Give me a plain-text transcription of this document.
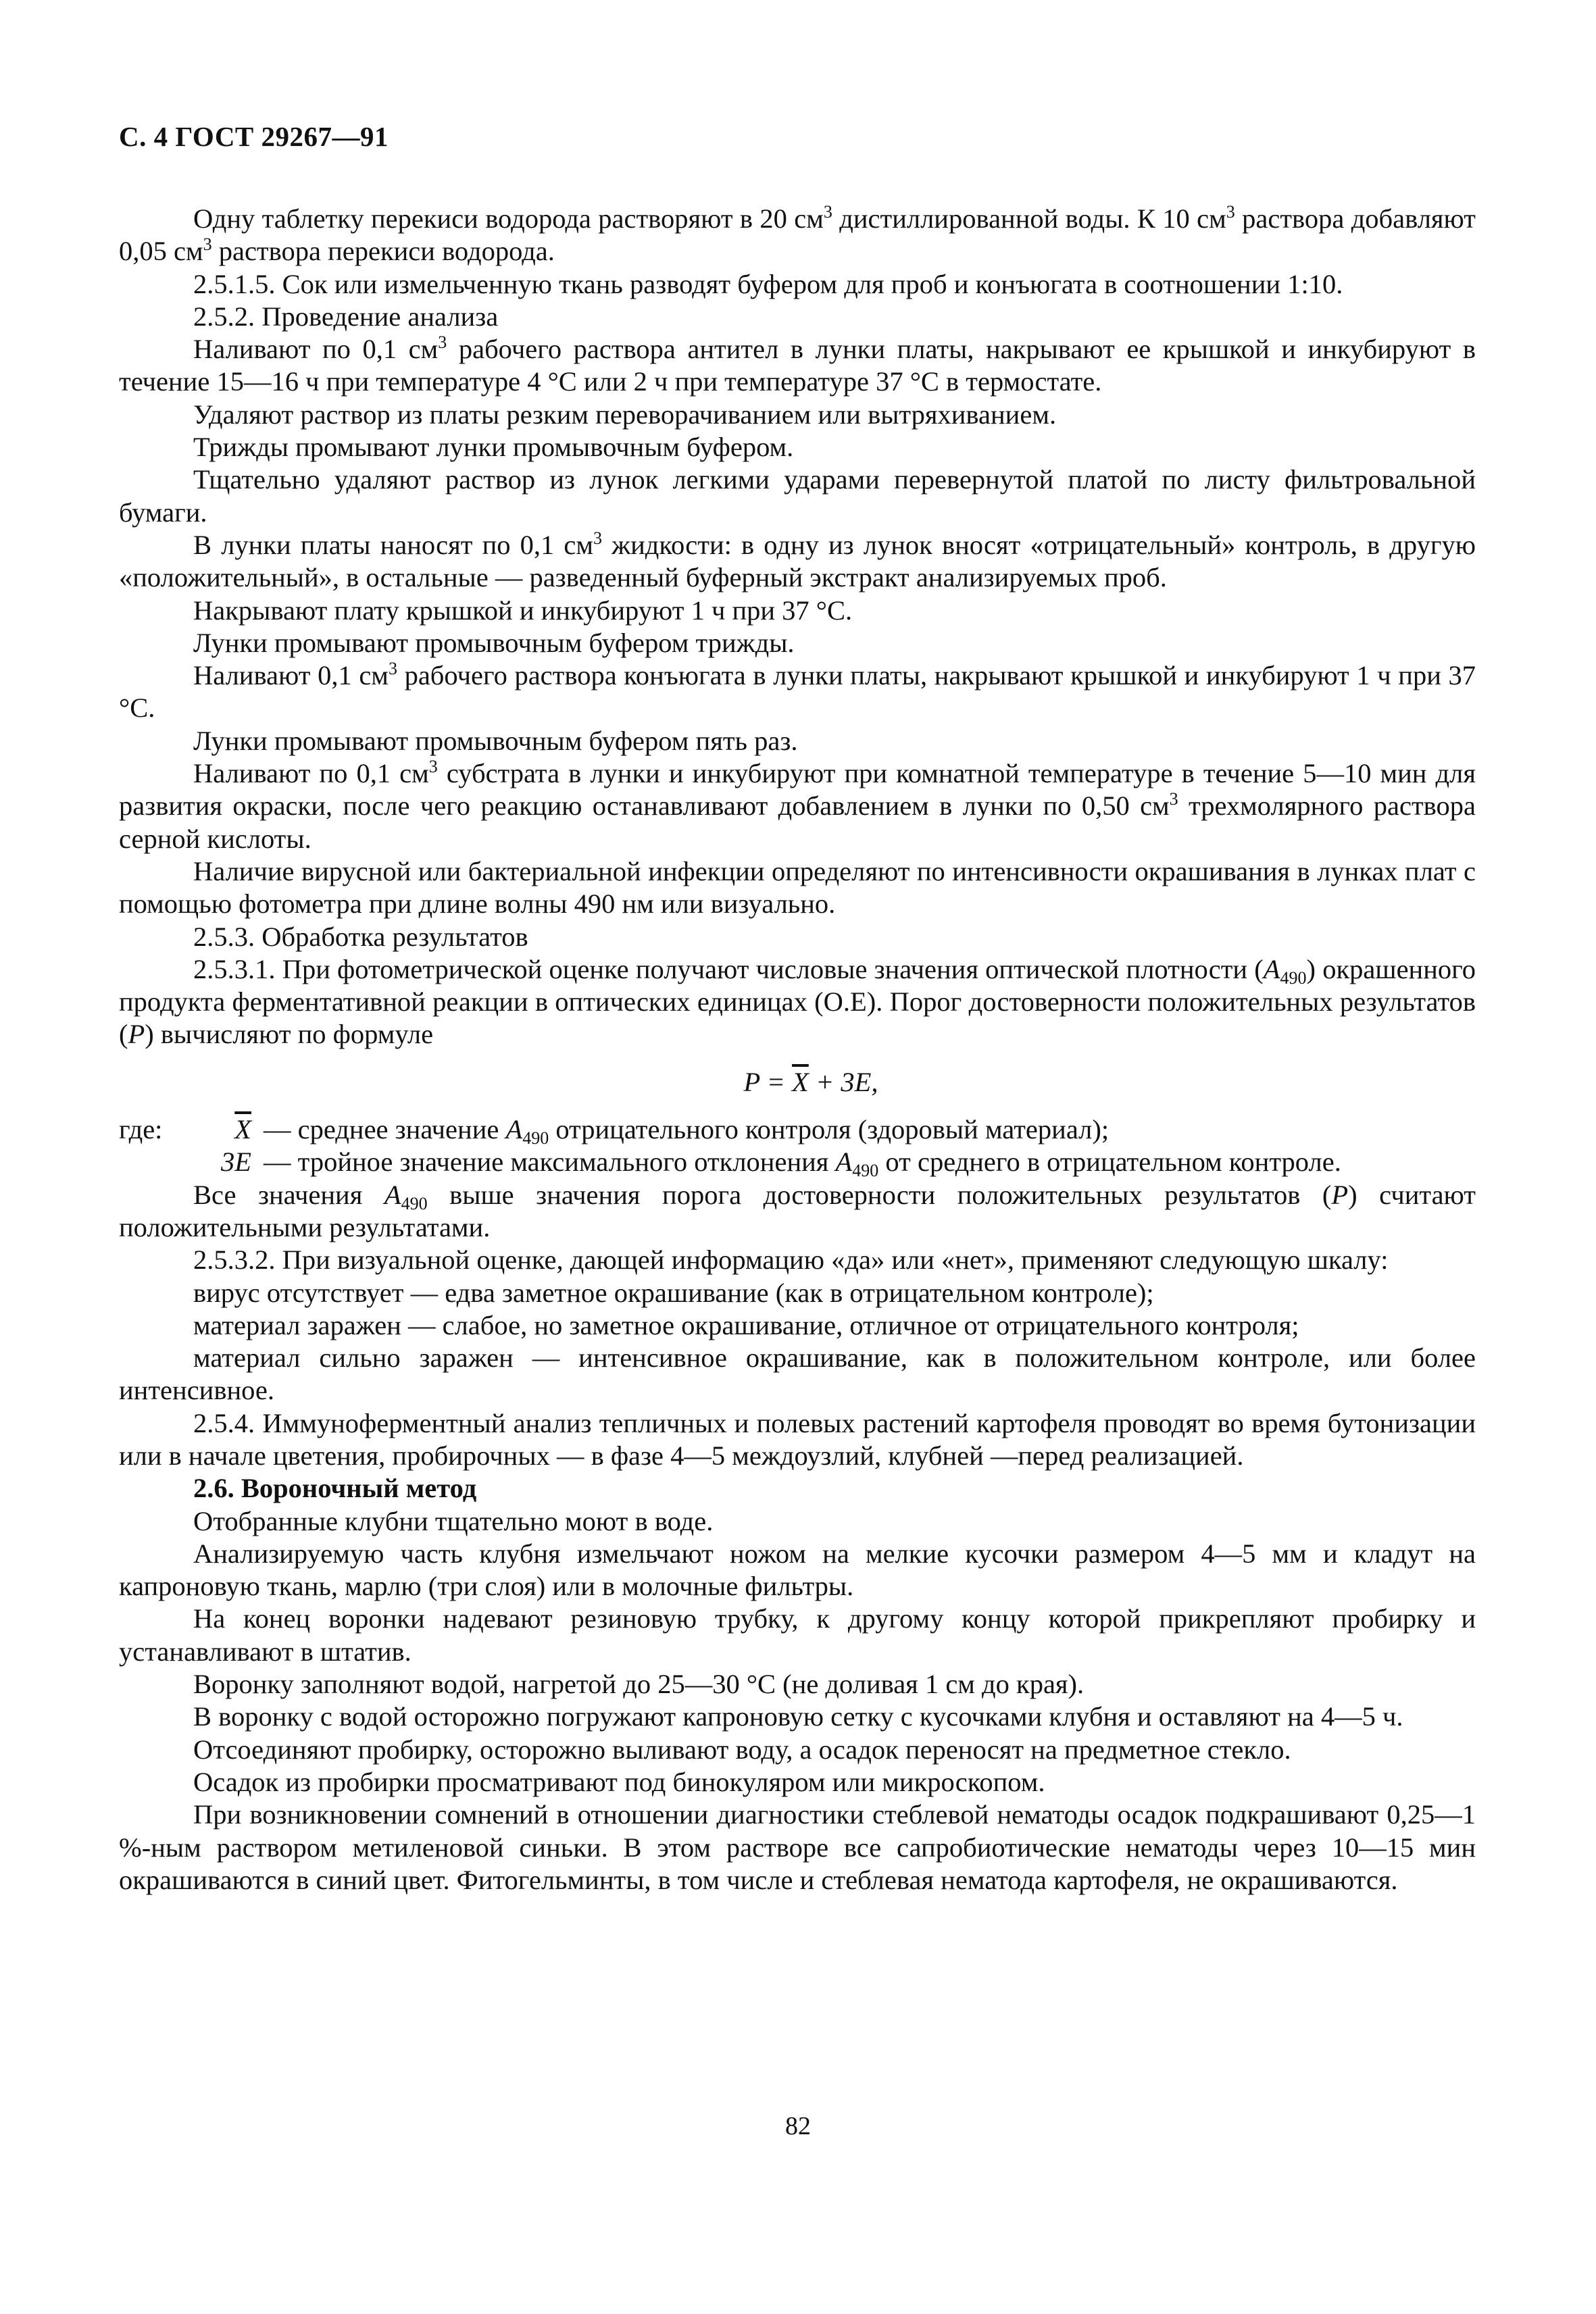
С. 4 ГОСТ 29267—91

Одну таблетку перекиси водорода растворяют в 20 $см^3$ дистиллированной воды. К 10 $см^3$ раствора добавляют 0,05 $см^3$ раствора перекиси водорода.

2.5.1.5. Сок или измельченную ткань разводят буфером для проб и конъюгата в соотношении 1:10.

2.5.2. Проведение анализа

Наливают по 0,1 $см^3$ рабочего раствора антител в лунки платы, накрывают ее крышкой и инкубируют в течение 15—16 ч при температуре 4 °С или 2 ч при температуре 37 °С в термостате.

Удаляют раствор из платы резким переворачиванием или вытряхиванием.

Трижды промывают лунки промывочным буфером.

Тщательно удаляют раствор из лунок легкими ударами перевернутой платой по листу фильтровальной бумаги.

В лунки платы наносят по 0,1 $см^3$ жидкости: в одну из лунок вносят «отрицательный» контроль, в другую «положительный», в остальные — разведенный буферный экстракт анализируемых проб.

Накрывают плату крышкой и инкубируют 1 ч при 37 °С.

Лунки промывают промывочным буфером трижды.

Наливают 0,1 $см^3$ рабочего раствора конъюгата в лунки платы, накрывают крышкой и инкубируют 1 ч при 37 °С.

Лунки промывают промывочным буфером пять раз.

Наливают по 0,1 $см^3$ субстрата в лунки и инкубируют при комнатной температуре в течение 5—10 мин для развития окраски, после чего реакцию останавливают добавлением в лунки по 0,50 $см^3$ трехмолярного раствора серной кислоты.

Наличие вирусной или бактериальной инфекции определяют по интенсивности окрашивания в лунках плат с помощью фотометра при длине волны 490 нм или визуально.

2.5.3. Обработка результатов

2.5.3.1. При фотометрической оценке получают числовые значения оптической плотности $(A_{490})$ окрашенного продукта ферментативной реакции в оптических единицах (О.Е). Порог достоверности положительных результатов (P) вычисляют по формуле

$P = \overline{X} + 3E$,
где:	$\overline{X}$ — среднее значение $A_{490}$ отрицательного контроля (здоровый материал);
3E — тройное значение максимального отклонения $A_{490}$ от среднего в отрицательном контроле.

Все значения $A_{490}$ выше значения порога достоверности положительных результатов (P) считают положительными результатами.

2.5.3.2. При визуальной оценке, дающей информацию «да» или «нет», применяют следующую шкалу:

вирус отсутствует — едва заметное окрашивание (как в отрицательном контроле);

материал заражен — слабое, но заметное окрашивание, отличное от отрицательного контроля;

материал сильно заражен — интенсивное окрашивание, как в положительном контроле, или более интенсивное.

2.5.4. Иммуноферментный анализ тепличных и полевых растений картофеля проводят во время бутонизации или в начале цветения, пробирочных — в фазе 4—5 междоузлий, клубней —перед реализацией.

2.6. Вороночный метод

Отобранные клубни тщательно моют в воде.

Анализируемую часть клубня измельчают ножом на мелкие кусочки размером 4—5 мм и кладут на капроновую ткань, марлю (три слоя) или в молочные фильтры.

На конец воронки надевают резиновую трубку, к другому концу которой прикрепляют пробирку и устанавливают в штатив.

Воронку заполняют водой, нагретой до 25—30 °С (не доливая 1 см до края).

В воронку с водой осторожно погружают капроновую сетку с кусочками клубня и оставляют на 4—5 ч.

Отсоединяют пробирку, осторожно выливают воду, а осадок переносят на предметное стекло.

Осадок из пробирки просматривают под бинокуляром или микроскопом.

При возникновении сомнений в отношении диагностики стеблевой нематоды осадок подкрашивают 0,25—1 %-ным раствором метиленовой синьки. В этом растворе все сапробиотические нематоды через 10—15 мин окрашиваются в синий цвет. Фитогельминты, в том числе и стеблевая нематода картофеля, не окрашиваются.

82
